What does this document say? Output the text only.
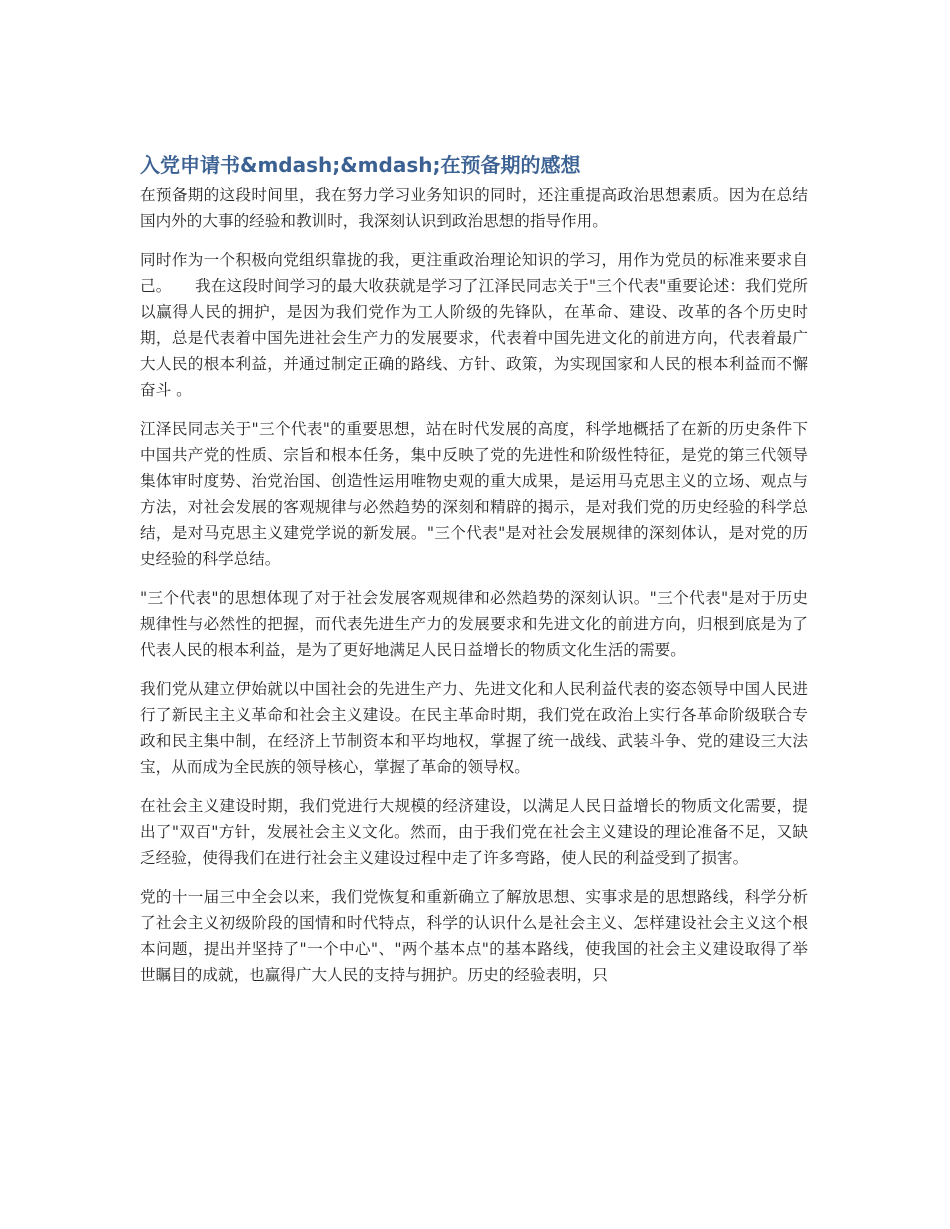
入党申请书&mdash;&mdash;在预备期的感想

在预备期的这段时间里，我在努力学习业务知识的同时，还注重提高政治思想素质。因为在总结国内外的大事的经验和教训时，我深刻认识到政治思想的指导作用。

同时作为一个积极向党组织靠拢的我，更注重政治理论知识的学习，用作为党员的标准来要求自己。　　我在这段时间学习的最大收获就是学习了江泽民同志关于"三个代表"重要论述：我们党所以赢得人民的拥护，是因为我们党作为工人阶级的先锋队，在革命、建设、改革的各个历史时期，总是代表着中国先进社会生产力的发展要求，代表着中国先进文化的前进方向，代表着最广大人民的根本利益，并通过制定正确的路线、方针、政策，为实现国家和人民的根本利益而不懈奋斗 。

江泽民同志关于"三个代表"的重要思想，站在时代发展的高度，科学地概括了在新的历史条件下中国共产党的性质、宗旨和根本任务，集中反映了党的先进性和阶级性特征，是党的第三代领导集体审时度势、治党治国、创造性运用唯物史观的重大成果，是运用马克思主义的立场、观点与方法，对社会发展的客观规律与必然趋势的深刻和精辟的揭示，是对我们党的历史经验的科学总结，是对马克思主义建党学说的新发展。"三个代表"是对社会发展规律的深刻体认，是对党的历史经验的科学总结。

"三个代表"的思想体现了对于社会发展客观规律和必然趋势的深刻认识。"三个代表"是对于历史规律性与必然性的把握，而代表先进生产力的发展要求和先进文化的前进方向，归根到底是为了代表人民的根本利益，是为了更好地满足人民日益增长的物质文化生活的需要。

我们党从建立伊始就以中国社会的先进生产力、先进文化和人民利益代表的姿态领导中国人民进行了新民主主义革命和社会主义建设。在民主革命时期，我们党在政治上实行各革命阶级联合专政和民主集中制，在经济上节制资本和平均地权，掌握了统一战线、武装斗争、党的建设三大法宝，从而成为全民族的领导核心，掌握了革命的领导权。

在社会主义建设时期，我们党进行大规模的经济建设，以满足人民日益增长的物质文化需要，提出了"双百"方针，发展社会主义文化。然而，由于我们党在社会主义建设的理论准备不足，又缺乏经验，使得我们在进行社会主义建设过程中走了许多弯路，使人民的利益受到了损害。

党的十一届三中全会以来，我们党恢复和重新确立了解放思想、实事求是的思想路线，科学分析了社会主义初级阶段的国情和时代特点，科学的认识什么是社会主义、怎样建设社会主义这个根本问题，提出并坚持了"一个中心"、"两个基本点"的基本路线，使我国的社会主义建设取得了举世瞩目的成就，也赢得广大人民的支持与拥护。历史的经验表明，只
